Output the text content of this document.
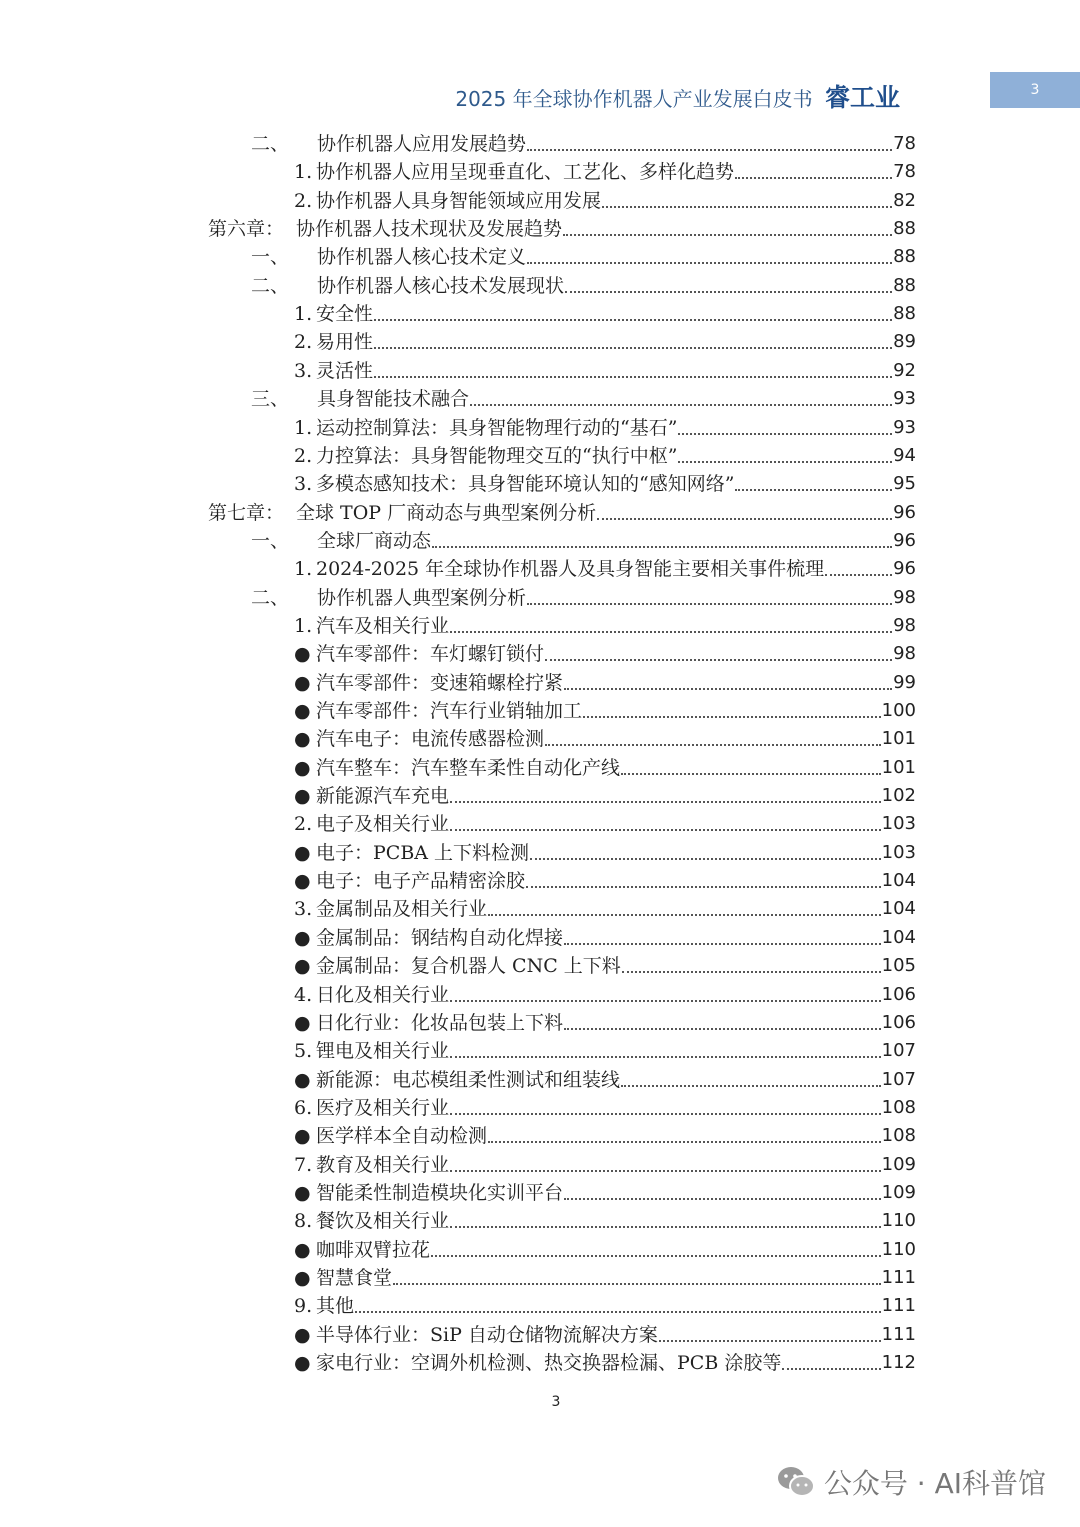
2025 年全球协作机器人产业发展白皮书 睿工业	3
二、	协作机器人应用发展趋势	78
1. 协作机器人应用呈现垂直化、工艺化、多样化趋势	78
2. 协作机器人具身智能领域应用发展	82
第六章： 协作机器人技术现状及发展趋势	88
一、	协作机器人核心技术定义	88
二、	协作机器人核心技术发展现状	88
1. 安全性	88
2. 易用性	89
3. 灵活性	92
三、	具身智能技术融合	93
1. 运动控制算法：具身智能物理行动的“基石”	93
2. 力控算法：具身智能物理交互的“执行中枢”	94
3. 多模态感知技术：具身智能环境认知的“感知网络”	95
第七章： 全球 TOP 厂商动态与典型案例分析	96
一、	全球厂商动态	96
1. 2024-2025 年全球协作机器人及具身智能主要相关事件梳理	96
二、	协作机器人典型案例分析	98
1. 汽车及相关行业	98
● 汽车零部件：车灯螺钉锁付	98
● 汽车零部件：变速箱螺栓拧紧	99
● 汽车零部件：汽车行业销轴加工	100
● 汽车电子：电流传感器检测	101
● 汽车整车：汽车整车柔性自动化产线	101
● 新能源汽车充电	102
2. 电子及相关行业	103
● 电子：PCBA 上下料检测	103
● 电子：电子产品精密涂胶	104
3. 金属制品及相关行业	104
● 金属制品：钢结构自动化焊接	104
● 金属制品：复合机器人 CNC 上下料	105
4. 日化及相关行业	106
● 日化行业：化妆品包装上下料	106
5. 锂电及相关行业	107
● 新能源：电芯模组柔性测试和组装线	107
6. 医疗及相关行业	108
● 医学样本全自动检测	108
7. 教育及相关行业	109
● 智能柔性制造模块化实训平台	109
8. 餐饮及相关行业	110
● 咖啡双臂拉花	110
● 智慧食堂	111
9. 其他	111
● 半导体行业：SiP 自动仓储物流解决方案	111
● 家电行业：空调外机检测、热交换器检漏、PCB 涂胶等	112
3
公众号 · AI科普馆
